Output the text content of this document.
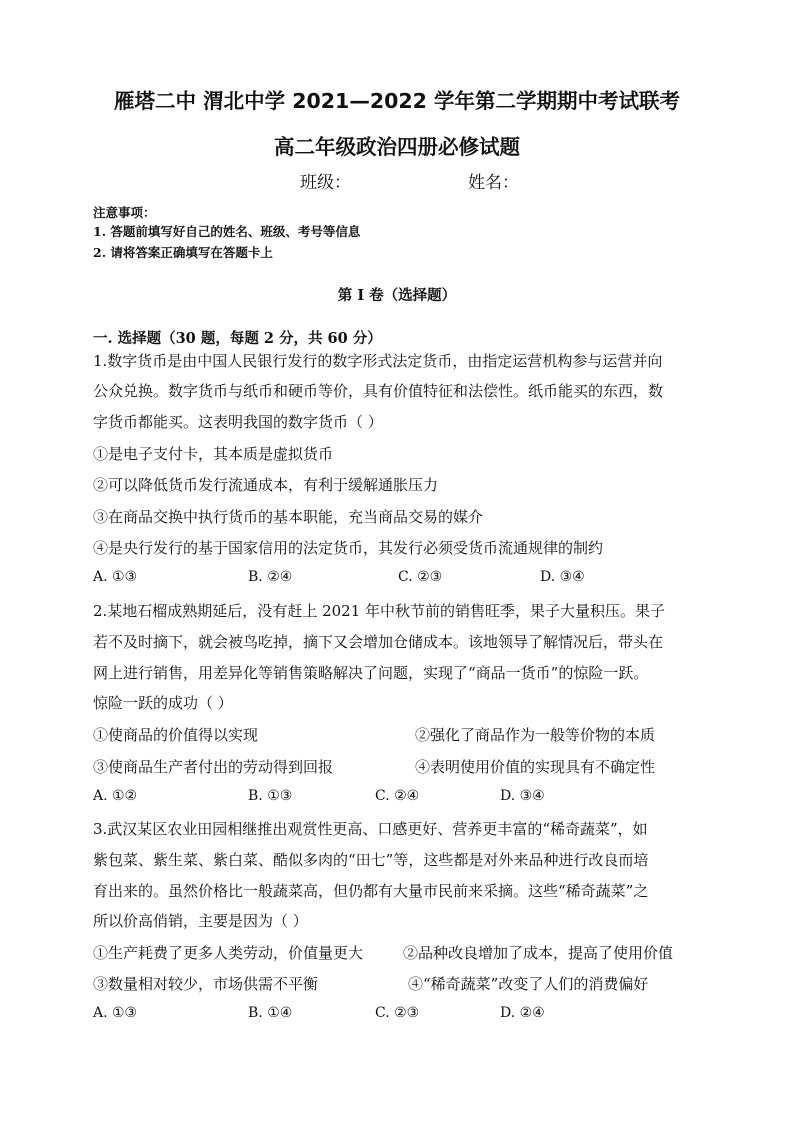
雁塔二中 渭北中学 2021—2022 学年第二学期期中考试联考
高二年级政治四册必修试题
班级：	姓名：
注意事项：
1. 答题前填写好自己的姓名、班级、考号等信息
2. 请将答案正确填写在答题卡上
第 I 卷（选择题）
一. 选择题（30 题，每题 2 分，共 60 分）
1.数字货币是由中国人民银行发行的数字形式法定货币，由指定运营机构参与运营并向
公众兑换。数字货币与纸币和硬币等价，具有价值特征和法偿性。纸币能买的东西，数
字货币都能买。这表明我国的数字货币（ ）
①是电子支付卡，其本质是虚拟货币
②可以降低货币发行流通成本，有利于缓解通胀压力
③在商品交换中执行货币的基本职能，充当商品交易的媒介
④是央行发行的基于国家信用的法定货币，其发行必须受货币流通规律的制约
A. ①③	B. ②④	C. ②③	D. ③④
2.某地石榴成熟期延后，没有赶上 2021 年中秋节前的销售旺季，果子大量积压。果子
若不及时摘下，就会被鸟吃掉，摘下又会增加仓储成本。该地领导了解情况后，带头在
网上进行销售，用差异化等销售策略解决了问题，实现了“商品一货币”的惊险一跃。
惊险一跃的成功（ ）
①使商品的价值得以实现	②强化了商品作为一般等价物的本质
③使商品生产者付出的劳动得到回报	④表明使用价值的实现具有不确定性
A. ①②	B. ①③	C. ②④	D. ③④
3.武汉某区农业田园相继推出观赏性更高、口感更好、营养更丰富的“稀奇蔬菜”，如
紫包菜、紫生菜、紫白菜、酷似多肉的“田七”等，这些都是对外来品种进行改良而培
育出来的。虽然价格比一般蔬菜高，但仍都有大量市民前来采摘。这些“稀奇蔬菜”之
所以价高俏销，主要是因为（ ）
①生产耗费了更多人类劳动，价值量更大	②品种改良增加了成本，提高了使用价值
③数量相对较少，市场供需不平衡	④“稀奇蔬菜”改变了人们的消费偏好
A. ①③	B. ①④	C. ②③	D. ②④
